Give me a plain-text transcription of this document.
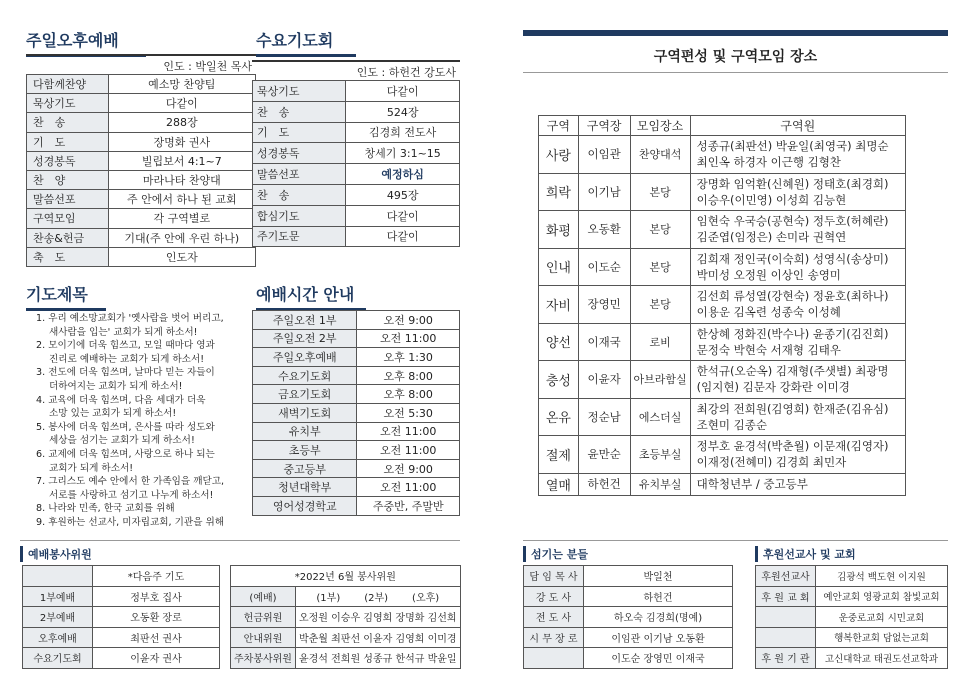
주일오후예배
인도 : 박일천 목사
다함께찬양	예소망 찬양팀
묵상기도	다같이
찬　송	288장
기　도	장명화 권사
성경봉독	빌립보서 4:1~7
찬　양	마라나타 찬양대
말씀선포	주 안에서 하나 된 교회
구역모임	각 구역별로
찬송&헌금	기대(주 안에 우린 하나)
축　도	인도자
수요기도회
인도 : 하헌건 강도사
묵상기도	다같이
찬　송	524장
기　도	김경희 전도사
성경봉독	창세기 3:1~15
말씀선포	예정하심
찬　송	495장
합심기도	다같이
주기도문	다같이
기도제목
1. 우리 예소망교회가 '옛사람을 벗어 버리고,
새사람을 입는' 교회가 되게 하소서!
2. 모이기에 더욱 힘쓰고, 모일 때마다 영과
진리로 예배하는 교회가 되게 하소서!
3. 전도에 더욱 힘쓰며, 날마다 믿는 자들이
더하여지는 교회가 되게 하소서!
4. 교육에 더욱 힘쓰며, 다음 세대가 더욱
소망 있는 교회가 되게 하소서!
5. 봉사에 더욱 힘쓰며, 은사를 따라 성도와
세상을 섬기는 교회가 되게 하소서!
6. 교제에 더욱 힘쓰며, 사랑으로 하나 되는
교회가 되게 하소서!
7. 그리스도 예수 안에서 한 가족임을 깨닫고,
서로를 사랑하고 섬기고 나누게 하소서!
8. 나라와 민족, 한국 교회를 위해
9. 후원하는 선교사, 미자립교회, 기관을 위해
예배시간 안내
주일오전 1부	오전 9:00
주일오전 2부	오전 11:00
주일오후예배	오후 1:30
수요기도회	오후 8:00
금요기도회	오후 8:00
새벽기도회	오전 5:30
유치부	오전 11:00
초등부	오전 11:00
중고등부	오전 9:00
청년대학부	오전 11:00
영어성경학교	주중반, 주말반
구역편성 및 구역모임 장소
구역	구역장	모임장소	구역원
사랑	이임관	찬양대석	성종규(최판선) 박윤일(최영국) 최명순 최인옥 하경자 이근행 김형찬
희락	이기남	본당	장명화 임억환(신혜원) 정태호(최경희) 이승우(이민영) 이성희 김능현
화평	오동환	본당	임현숙 우국승(공현숙) 정두호(허혜란) 김준엽(임정은) 손미라 권혁연
인내	이도순	본당	김희재 정인국(이숙희) 성영식(송상미) 박미성 오정원 이상인 송영미
자비	장영민	본당	김선희 류성열(강현숙) 정윤호(최하나) 이용운 김옥련 성종숙 이성혜
양선	이재국	로비	한상혜 정화진(박수나) 윤종기(김진희) 문정숙 박현숙 서재형 김태우
충성	이윤자	아브라함실	한석규(오순옥) 김재형(주샛별) 최광명 (임지현) 김문자 강화란 이미경
온유	정순남	에스더실	최강의 전희원(김영희) 한재준(김유심) 조현미 김종순
절제	윤만순	초등부실	정부호 윤경석(박춘월) 이문재(김영자) 이재정(전혜미) 김경희 최민자
열매	하헌건	유치부실	대학청년부 / 중고등부
예배봉사위원
	*다음주 기도
1부예배	정부호 집사
2부예배	오동환 장로
오후예배	최판선 권사
수요기도회	이윤자 권사
*2022년 6월 봉사위원	
(예배)	(1부) (2부) (오후)
헌금위원	오정원 이승우 김영희 장명화 김선희
안내위원	박춘월 최판선 이윤자 김영희 이미경
주차봉사위원	윤경석 전희원 성종규 한석규 박윤일
섬기는 분들
담 임 목 사	박일천
강 도 사	하헌건
전 도 사	하오숙 김경희(명예)
시 무 장 로	이임관 이기남 오동환
	이도순 장영민 이재국
후원선교사 및 교회
후원선교사	김광석 백도현 이지원
후 원 교 회	예안교회 영광교회 참빛교회
	운중로교회 시민교회
	행복한교회 담없는교회
후 원 기 관	고신대학교 태권도선교학과
